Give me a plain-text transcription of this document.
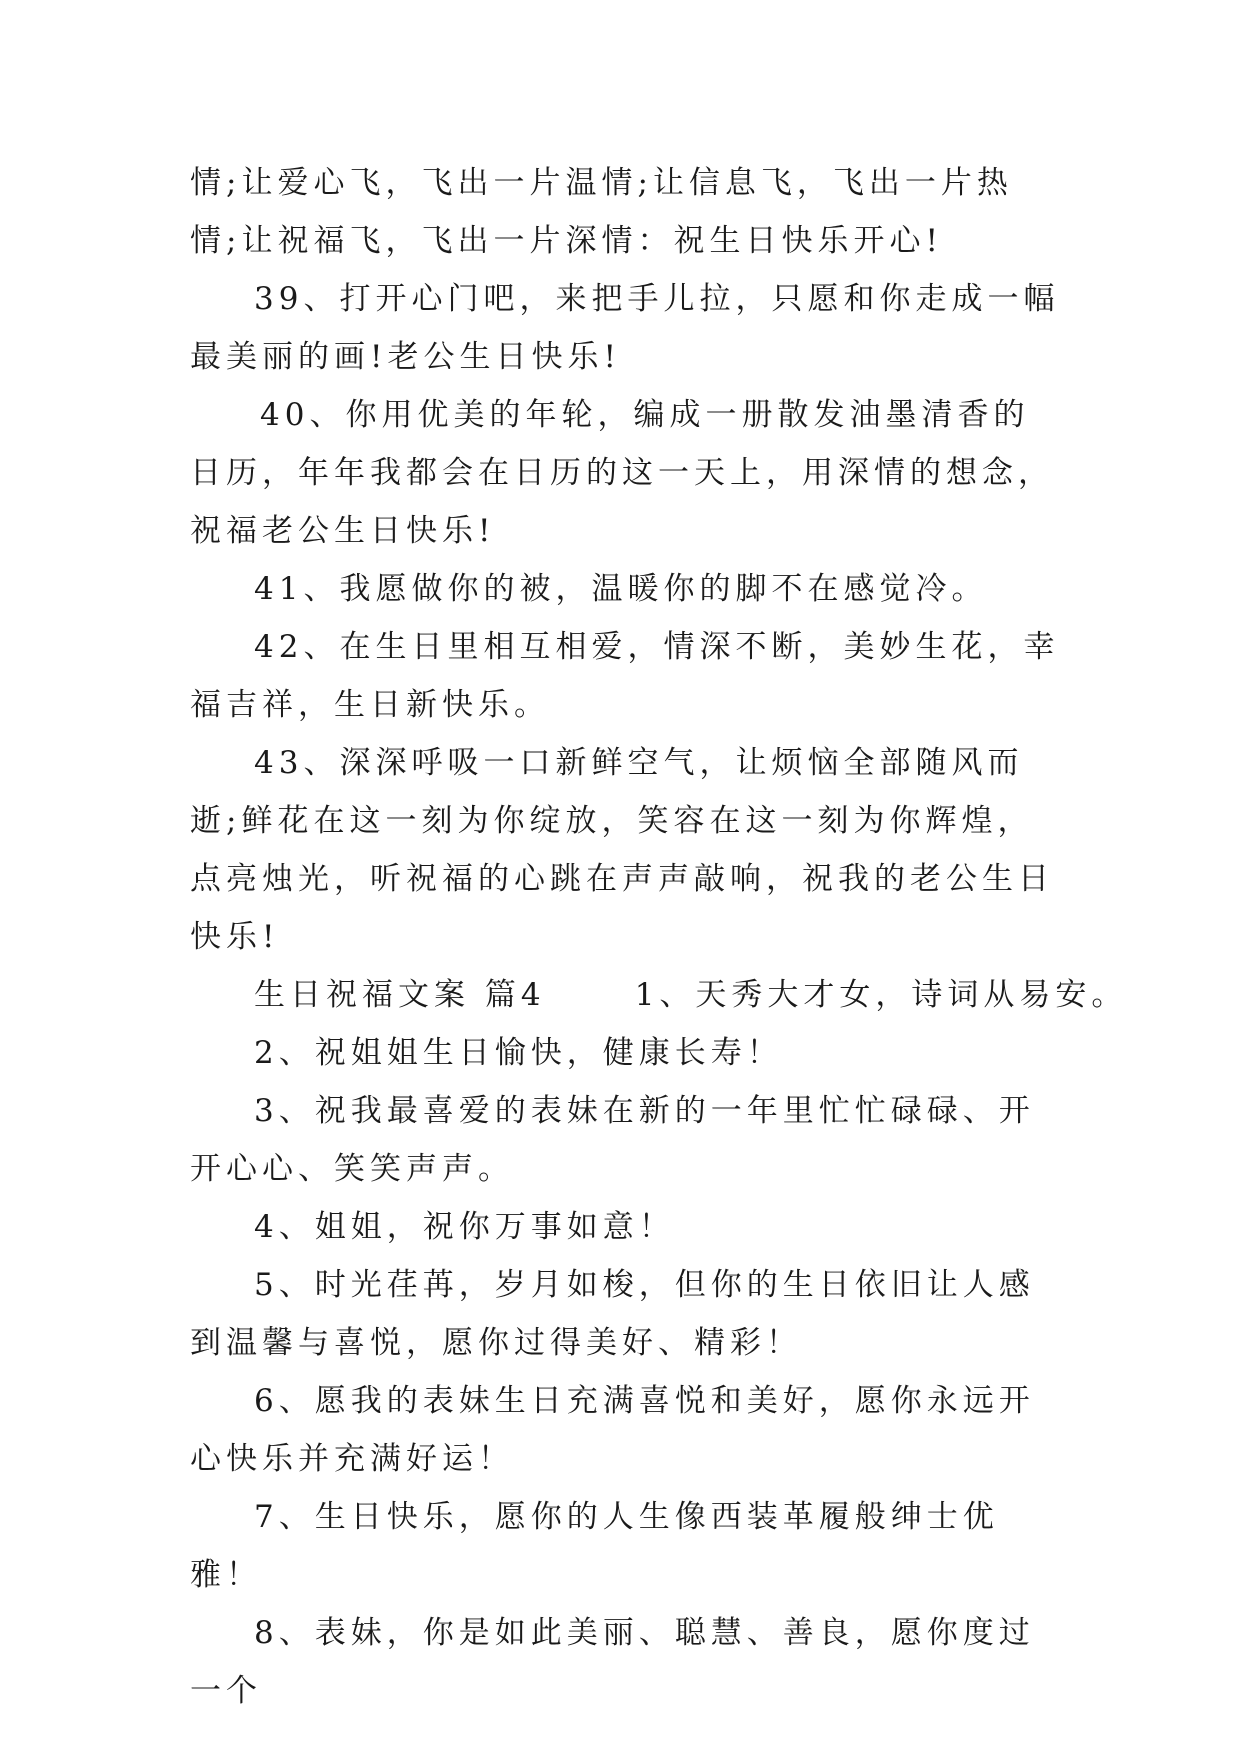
情;让爱心飞，飞出一片温情;让信息飞，飞出一片热情;让祝福飞，飞出一片深情：祝生日快乐开心!

39、打开心门吧，来把手儿拉，只愿和你走成一幅最美丽的画!老公生日快乐!

40、你用优美的年轮，编成一册散发油墨清香的日历，年年我都会在日历的这一天上，用深情的想念，祝福老公生日快乐!

41、我愿做你的被，温暖你的脚不在感觉冷。

42、在生日里相互相爱，情深不断，美妙生花，幸福吉祥，生日新快乐。

43、深深呼吸一口新鲜空气，让烦恼全部随风而逝;鲜花在这一刻为你绽放，笑容在这一刻为你辉煌，点亮烛光，听祝福的心跳在声声敲响，祝我的老公生日快乐!

生日祝福文案 篇4	1、天秀大才女，诗词从易安。

2、祝姐姐生日愉快，健康长寿！

3、祝我最喜爱的表妹在新的一年里忙忙碌碌、开开心心、笑笑声声。

4、姐姐，祝你万事如意！

5、时光荏苒，岁月如梭，但你的生日依旧让人感到温馨与喜悦，愿你过得美好、精彩！

6、愿我的表妹生日充满喜悦和美好，愿你永远开心快乐并充满好运！

7、生日快乐，愿你的人生像西装革履般绅士优雅！

8、表妹，你是如此美丽、聪慧、善良，愿你度过一个
